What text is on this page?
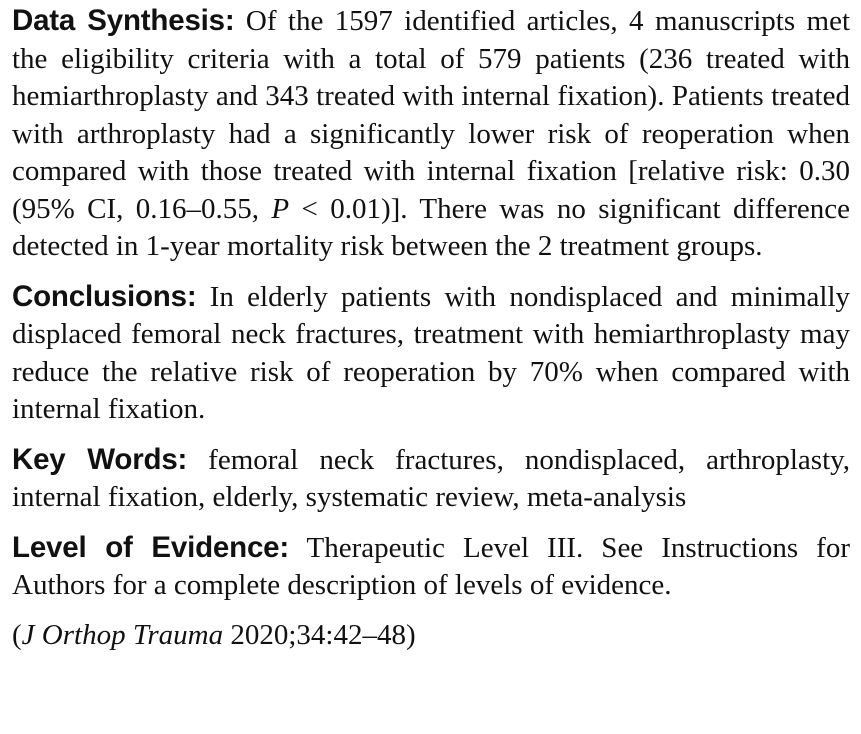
Data Synthesis: Of the 1597 identified articles, 4 manuscripts met the eligibility criteria with a total of 579 patients (236 treated with hemiarthroplasty and 343 treated with internal fixation). Patients treated with arthroplasty had a significantly lower risk of reoperation when compared with those treated with internal fixation [relative risk: 0.30 (95% CI, 0.16–0.55, P < 0.01)]. There was no significant difference detected in 1-year mortality risk between the 2 treatment groups.

Conclusions: In elderly patients with nondisplaced and minimally displaced femoral neck fractures, treatment with hemiarthroplasty may reduce the relative risk of reoperation by 70% when compared with internal fixation.

Key Words: femoral neck fractures, nondisplaced, arthroplasty, internal fixation, elderly, systematic review, meta-analysis

Level of Evidence: Therapeutic Level III. See Instructions for Authors for a complete description of levels of evidence.

(J Orthop Trauma 2020;34:42–48)
